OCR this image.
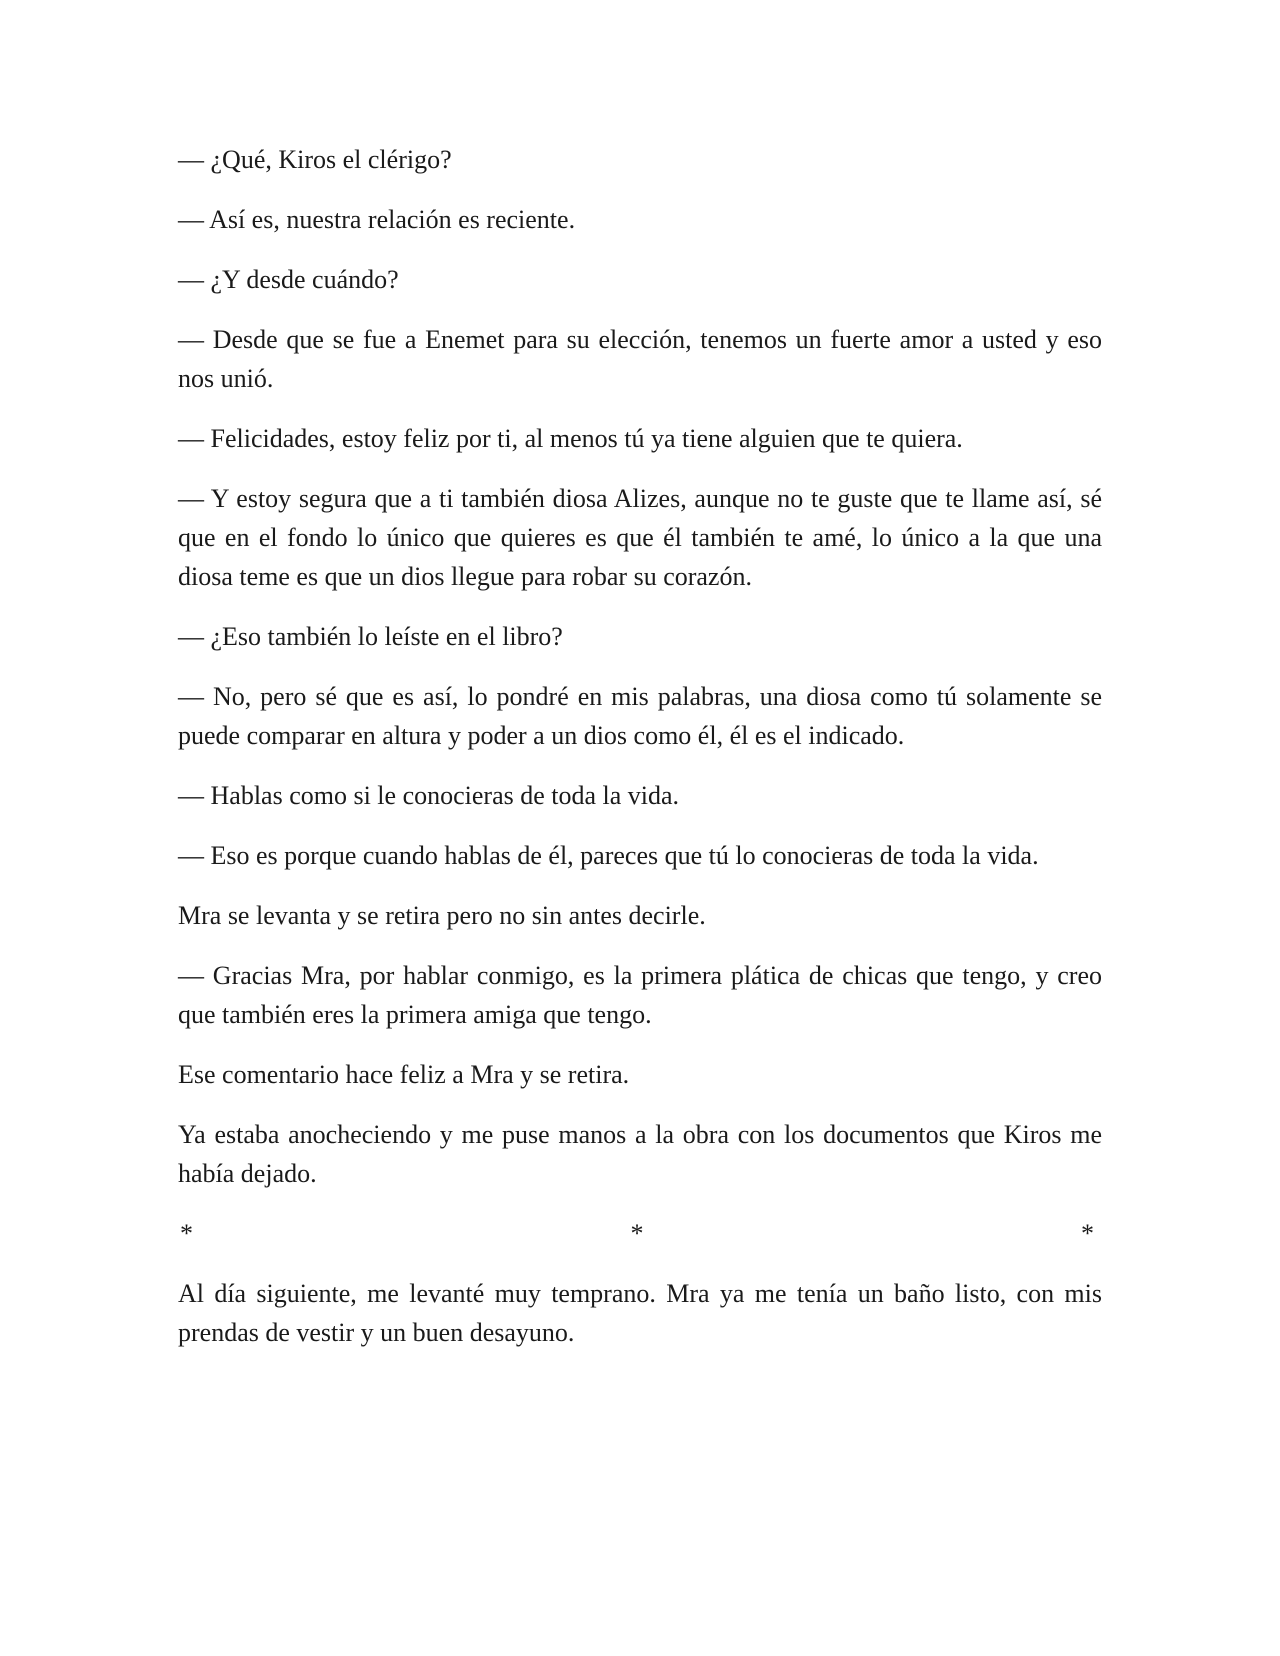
— ¿Qué, Kiros el clérigo?

— Así es, nuestra relación es reciente.

— ¿Y desde cuándo?

— Desde que se fue a Enemet para su elección, tenemos un fuerte amor a usted y eso nos unió.

— Felicidades, estoy feliz por ti, al menos tú ya tiene alguien que te quiera.

— Y estoy segura que a ti también diosa Alizes, aunque no te guste que te llame así, sé que en el fondo lo único que quieres es que él también te amé, lo único a la que una diosa teme es que un dios llegue para robar su corazón.

— ¿Eso también lo leíste en el libro?

— No, pero sé que es así, lo pondré en mis palabras, una diosa como tú solamente se puede comparar en altura y poder a un dios como él, él es el indicado.

— Hablas como si le conocieras de toda la vida.

— Eso es porque cuando hablas de él, pareces que tú lo conocieras de toda la vida.

Mra se levanta y se retira pero no sin antes decirle.

— Gracias Mra, por hablar conmigo, es la primera plática de chicas que tengo, y creo que también eres la primera amiga que tengo.

Ese comentario hace feliz a Mra y se retira.

Ya estaba anocheciendo y me puse manos a la obra con los documentos que Kiros me había dejado.

*	*	*

Al día siguiente, me levanté muy temprano. Mra ya me tenía un baño listo, con mis prendas de vestir y un buen desayuno.
